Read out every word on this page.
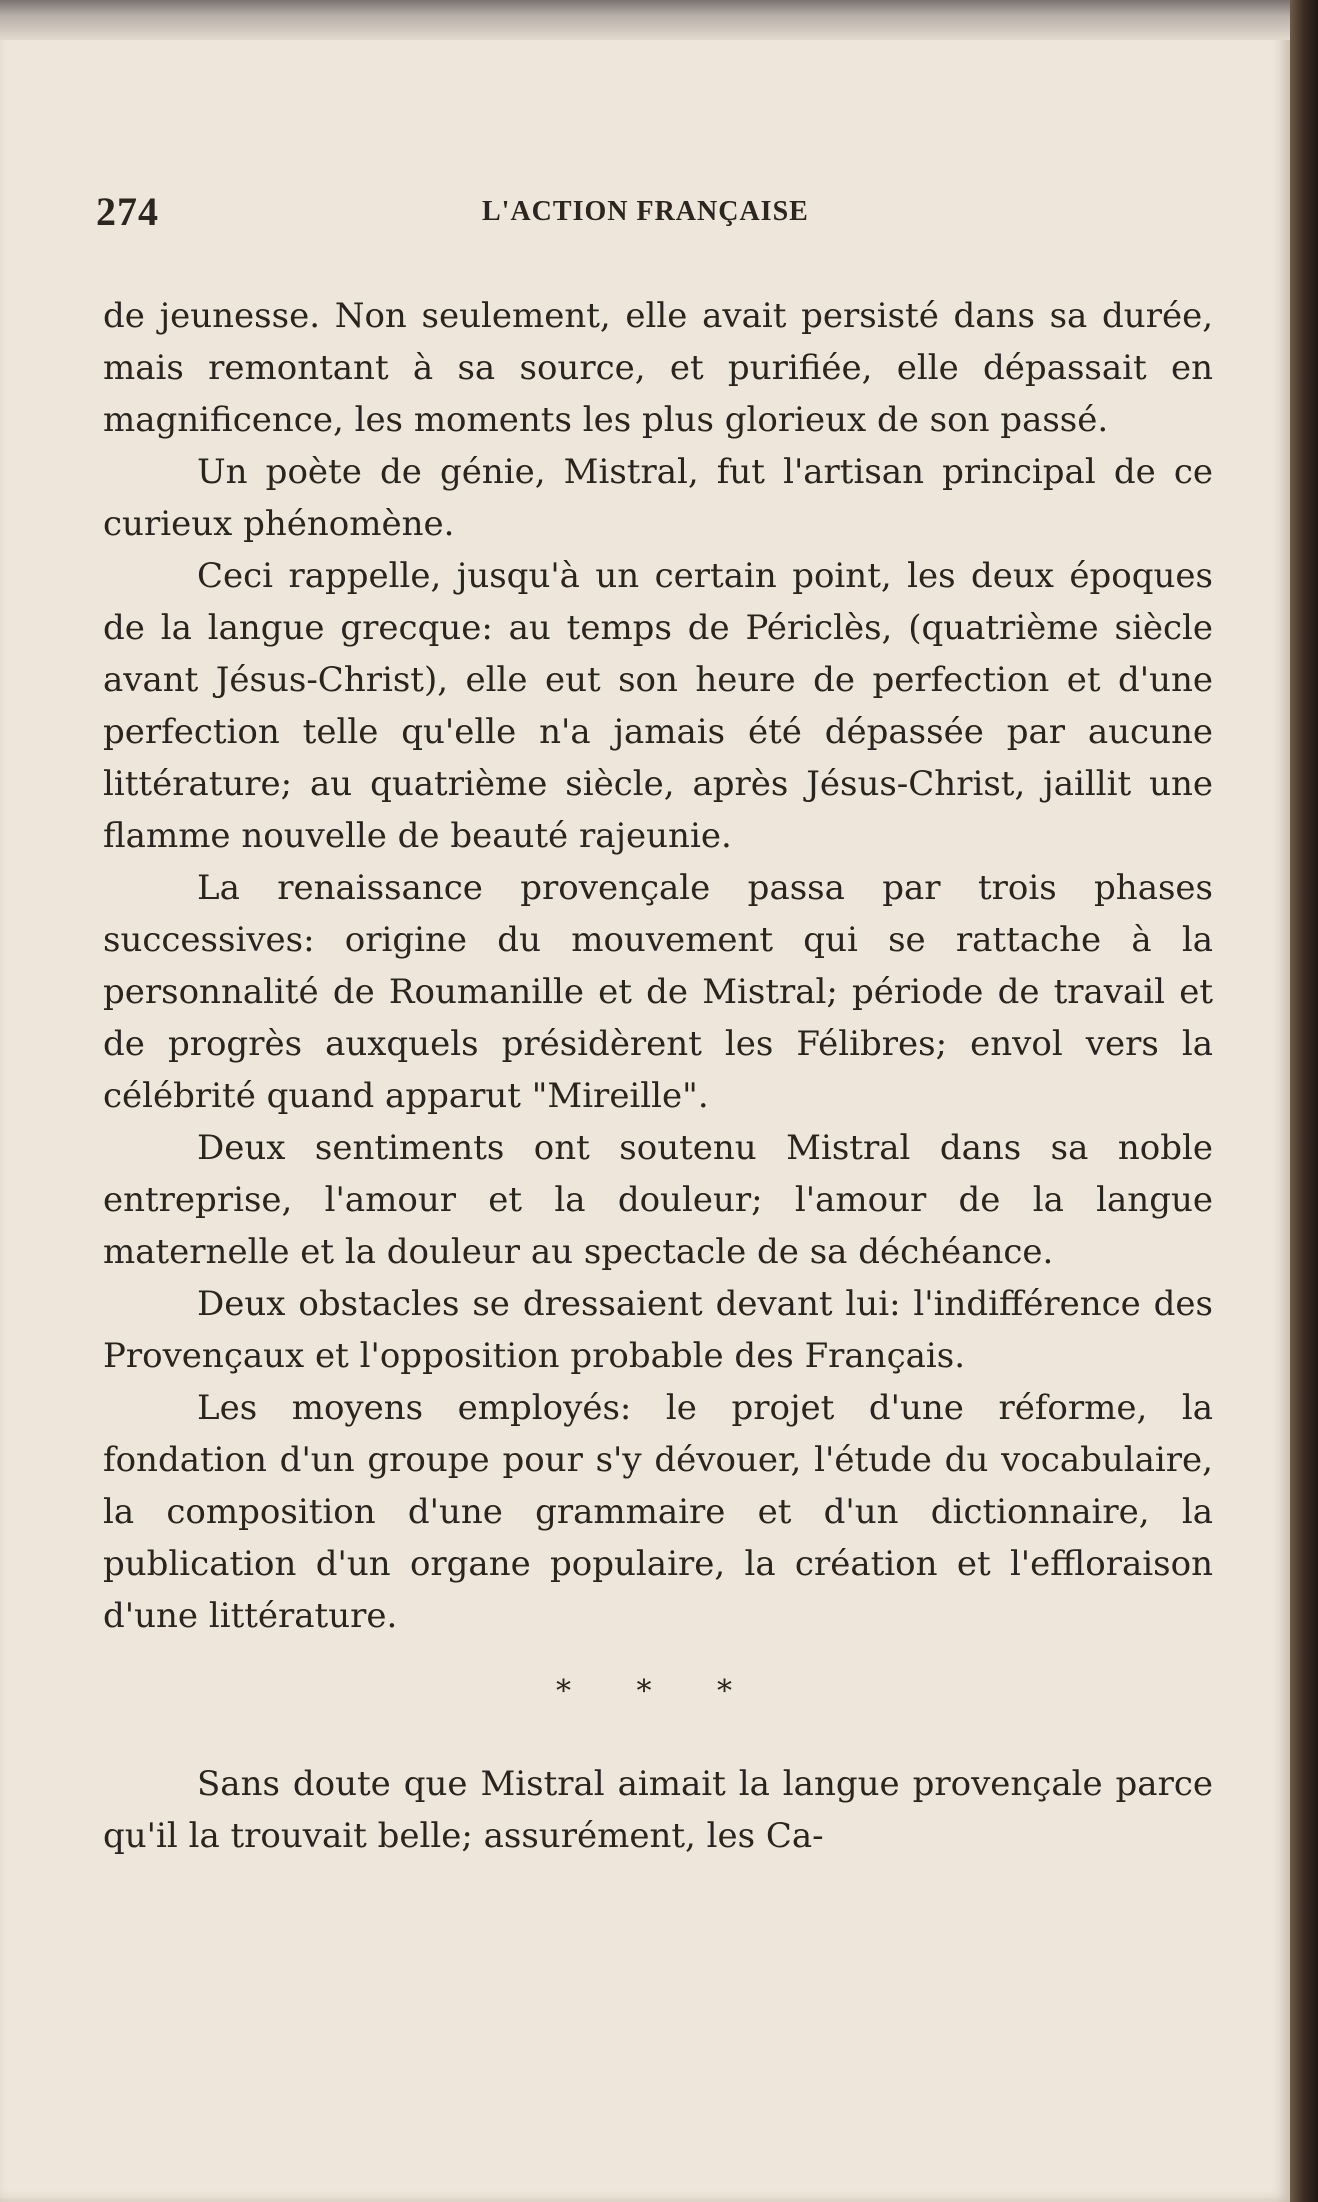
274	L'ACTION FRANÇAISE

de jeunesse. Non seulement, elle avait persisté dans sa durée, mais remontant à sa source, et purifiée, elle dépassait en magnificence, les moments les plus glorieux de son passé.

Un poète de génie, Mistral, fut l'artisan principal de ce curieux phénomène.

Ceci rappelle, jusqu'à un certain point, les deux époques de la langue grecque: au temps de Périclès, (quatrième siècle avant Jésus-Christ), elle eut son heure de perfection et d'une perfection telle qu'elle n'a jamais été dépassée par aucune littérature; au quatrième siècle, après Jésus-Christ, jaillit une flamme nouvelle de beauté rajeunie.

La renaissance provençale passa par trois phases successives: origine du mouvement qui se rattache à la personnalité de Roumanille et de Mistral; période de travail et de progrès auxquels présidèrent les Félibres; envol vers la célébrité quand apparut "Mireille".

Deux sentiments ont soutenu Mistral dans sa noble entreprise, l'amour et la douleur; l'amour de la langue maternelle et la douleur au spectacle de sa déchéance.

Deux obstacles se dressaient devant lui: l'indifférence des Provençaux et l'opposition probable des Français.

Les moyens employés: le projet d'une réforme, la fondation d'un groupe pour s'y dévouer, l'étude du vocabulaire, la composition d'une grammaire et d'un dictionnaire, la publication d'un organe populaire, la création et l'effloraison d'une littérature.

* * *

Sans doute que Mistral aimait la langue provençale parce qu'il la trouvait belle; assurément, les Ca-
